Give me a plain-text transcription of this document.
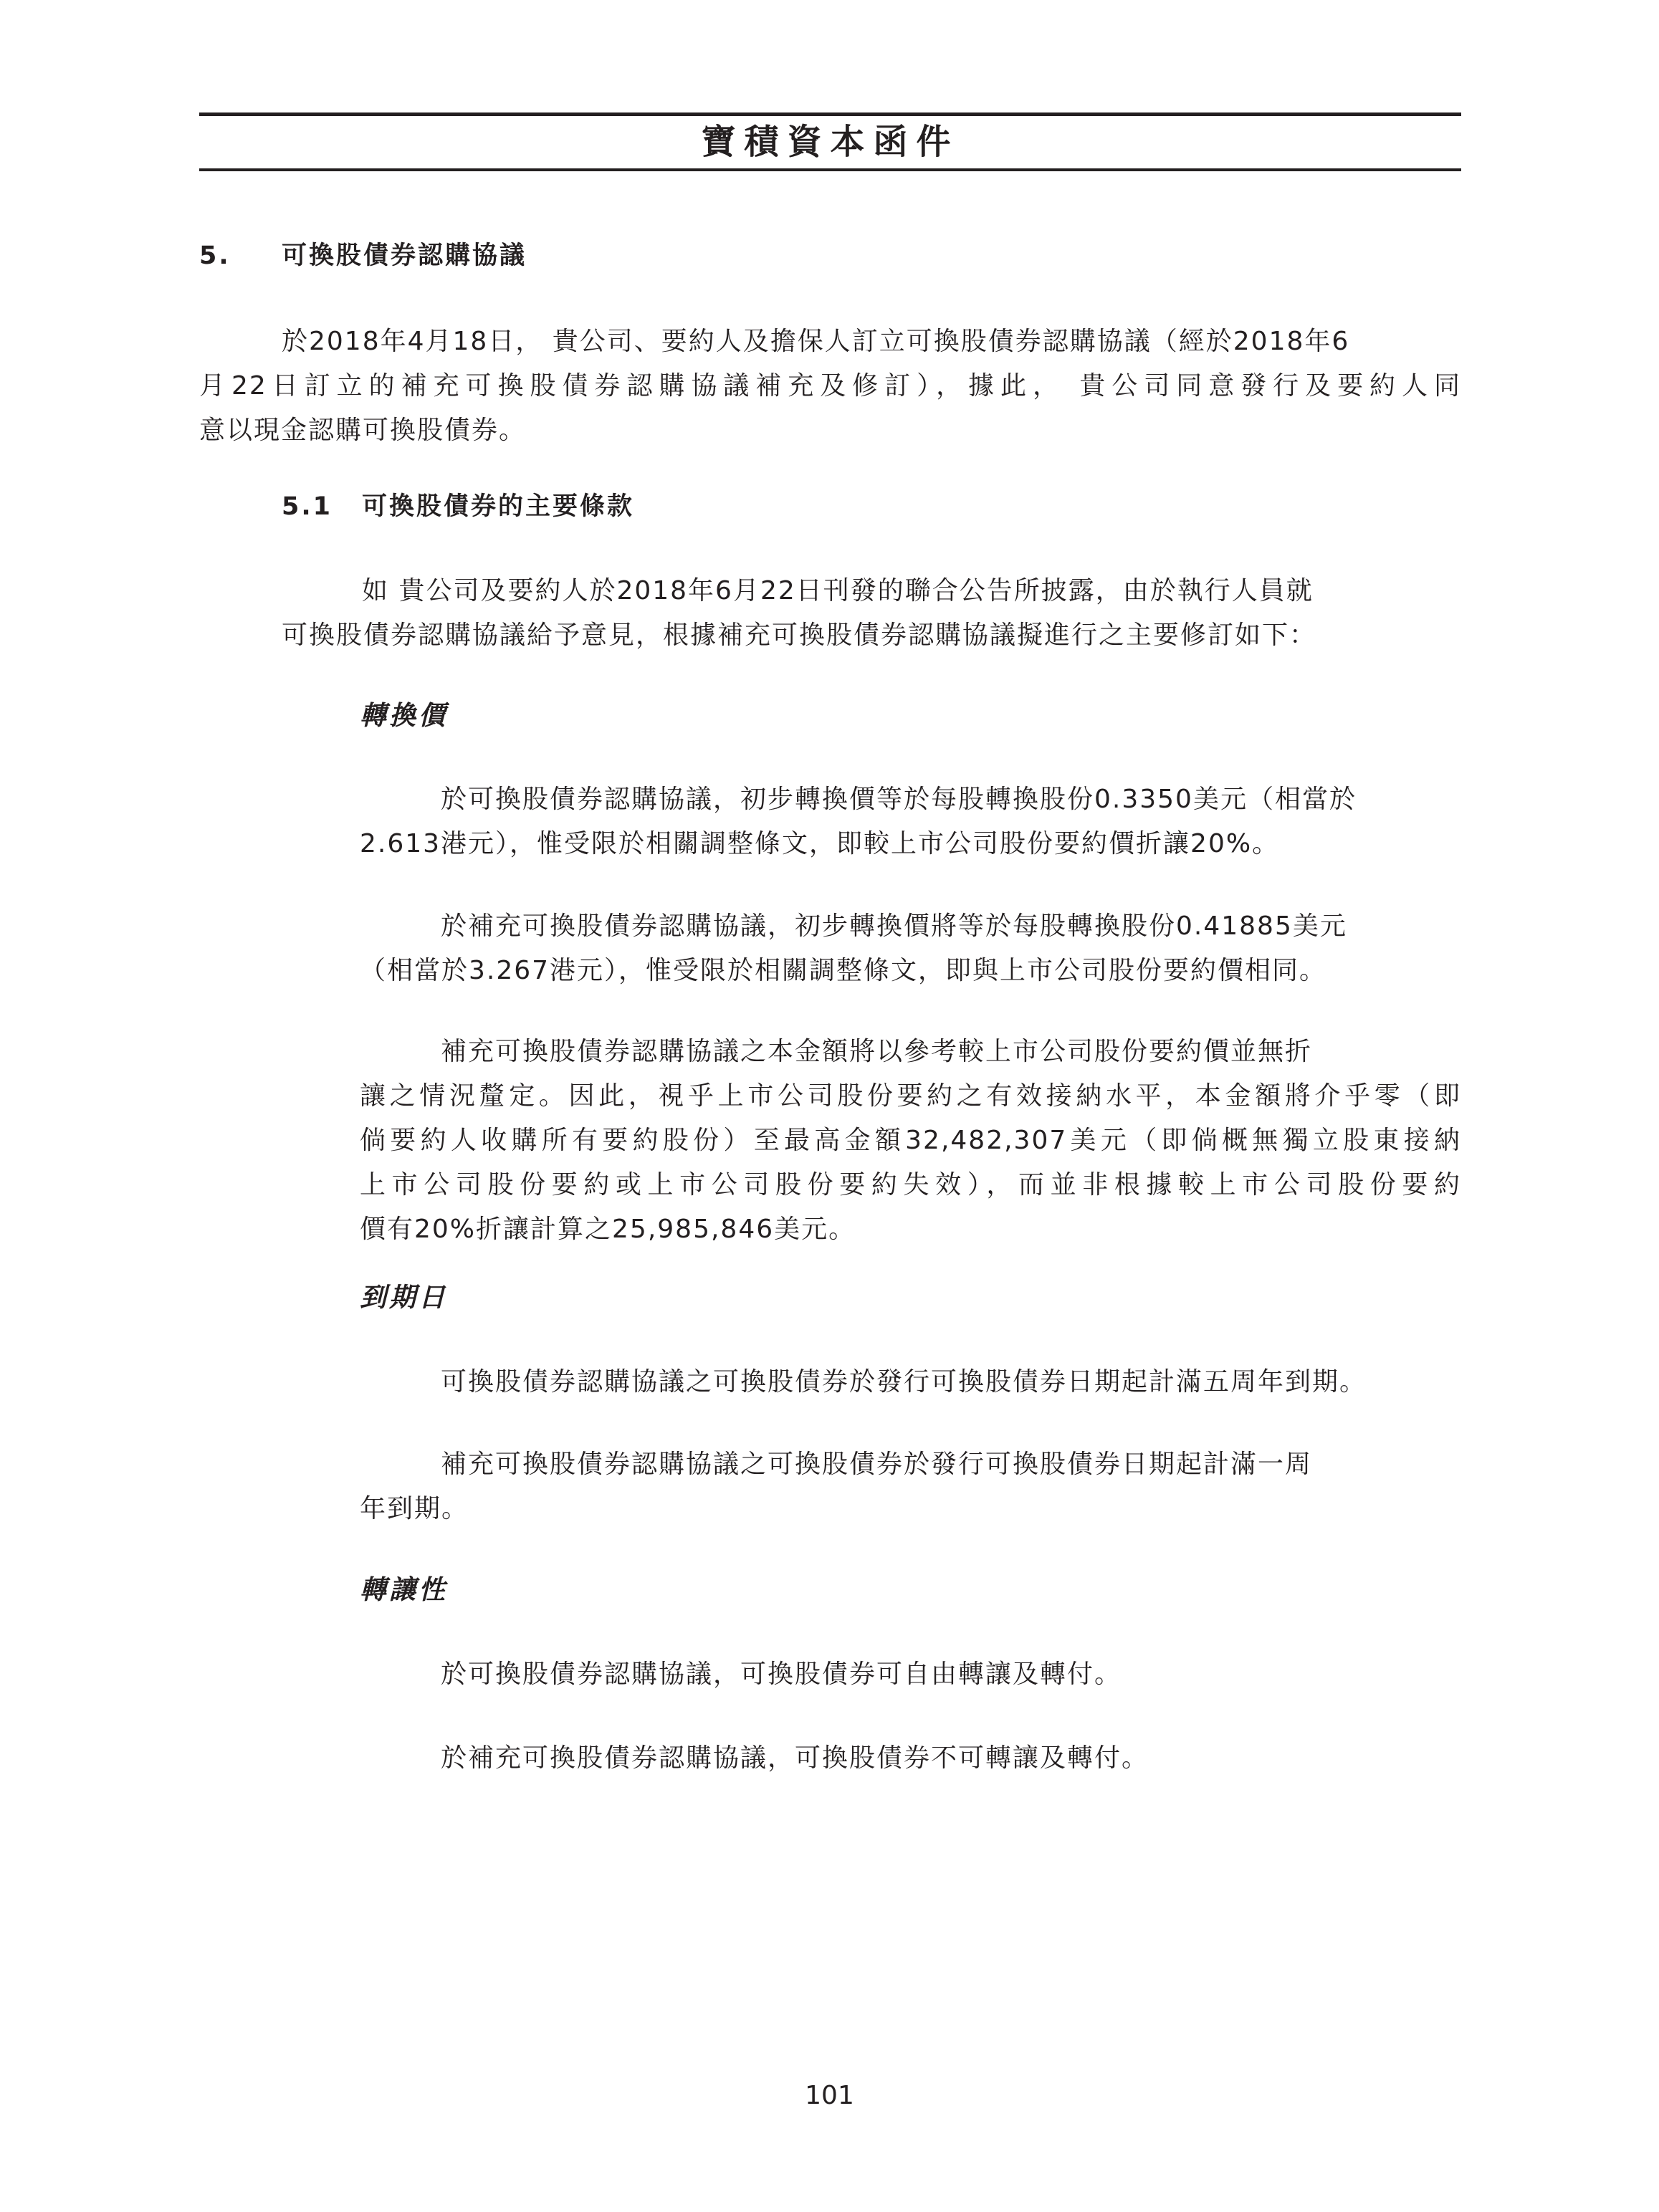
寶積資本函件
5. 可換股債券認購協議
於2018年4月18日， 貴公司、要約人及擔保人訂立可換股債券認購協議（經於2018年6
月22日訂立的補充可換股債券認購協議補充及修訂），據此， 貴公司同意發行及要約人同
意以現金認購可換股債券。
5.1 可換股債券的主要條款
如 貴公司及要約人於2018年6月22日刊發的聯合公告所披露，由於執行人員就
可換股債券認購協議給予意見，根據補充可換股債券認購協議擬進行之主要修訂如下：
轉換價
於可換股債券認購協議，初步轉換價等於每股轉換股份0.3350美元（相當於
2.613港元），惟受限於相關調整條文，即較上市公司股份要約價折讓20%。
於補充可換股債券認購協議，初步轉換價將等於每股轉換股份0.41885美元
（相當於3.267港元），惟受限於相關調整條文，即與上市公司股份要約價相同。
補充可換股債券認購協議之本金額將以參考較上市公司股份要約價並無折
讓之情況釐定。因此，視乎上市公司股份要約之有效接納水平，本金額將介乎零（即
倘要約人收購所有要約股份）至最高金額32,482,307美元（即倘概無獨立股東接納
上市公司股份要約或上市公司股份要約失效），而並非根據較上市公司股份要約
價有20%折讓計算之25,985,846美元。
到期日
可換股債券認購協議之可換股債券於發行可換股債券日期起計滿五周年到期。
補充可換股債券認購協議之可換股債券於發行可換股債券日期起計滿一周
年到期。
轉讓性
於可換股債券認購協議，可換股債券可自由轉讓及轉付。
於補充可換股債券認購協議，可換股債券不可轉讓及轉付。
101
